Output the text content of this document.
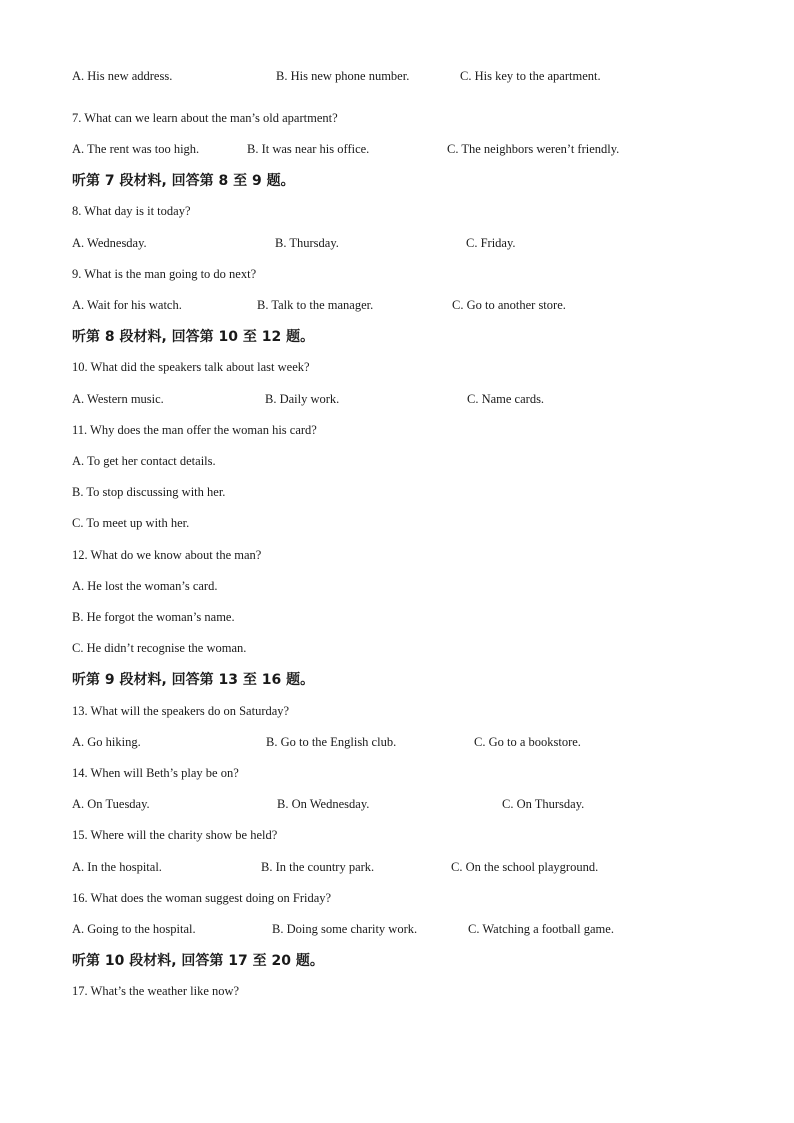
A. His new address.	B. His new phone number.	C. His key to the apartment.
7. What can we learn about the man’s old apartment?
A. The rent was too high.	B. It was near his office.	C. The neighbors weren’t friendly.
听第 7 段材料, 回答第 8 至 9 题。
8. What day is it today?
A. Wednesday.	B. Thursday.	C. Friday.
9. What is the man going to do next?
A. Wait for his watch.	B. Talk to the manager.	C. Go to another store.
听第 8 段材料, 回答第 10 至 12 题。
10. What did the speakers talk about last week?
A. Western music.	B. Daily work.	C. Name cards.
11. Why does the man offer the woman his card?
A. To get her contact details.
B. To stop discussing with her.
C. To meet up with her.
12. What do we know about the man?
A. He lost the woman’s card.
B. He forgot the woman’s name.
C. He didn’t recognise the woman.
听第 9 段材料, 回答第 13 至 16 题。
13. What will the speakers do on Saturday?
A. Go hiking.	B. Go to the English club.	C. Go to a bookstore.
14. When will Beth’s play be on?
A. On Tuesday.	B. On Wednesday.	C. On Thursday.
15. Where will the charity show be held?
A. In the hospital.	B. In the country park.	C. On the school playground.
16. What does the woman suggest doing on Friday?
A. Going to the hospital.	B. Doing some charity work.	C. Watching a football game.
听第 10 段材料, 回答第 17 至 20 题。
17. What’s the weather like now?
